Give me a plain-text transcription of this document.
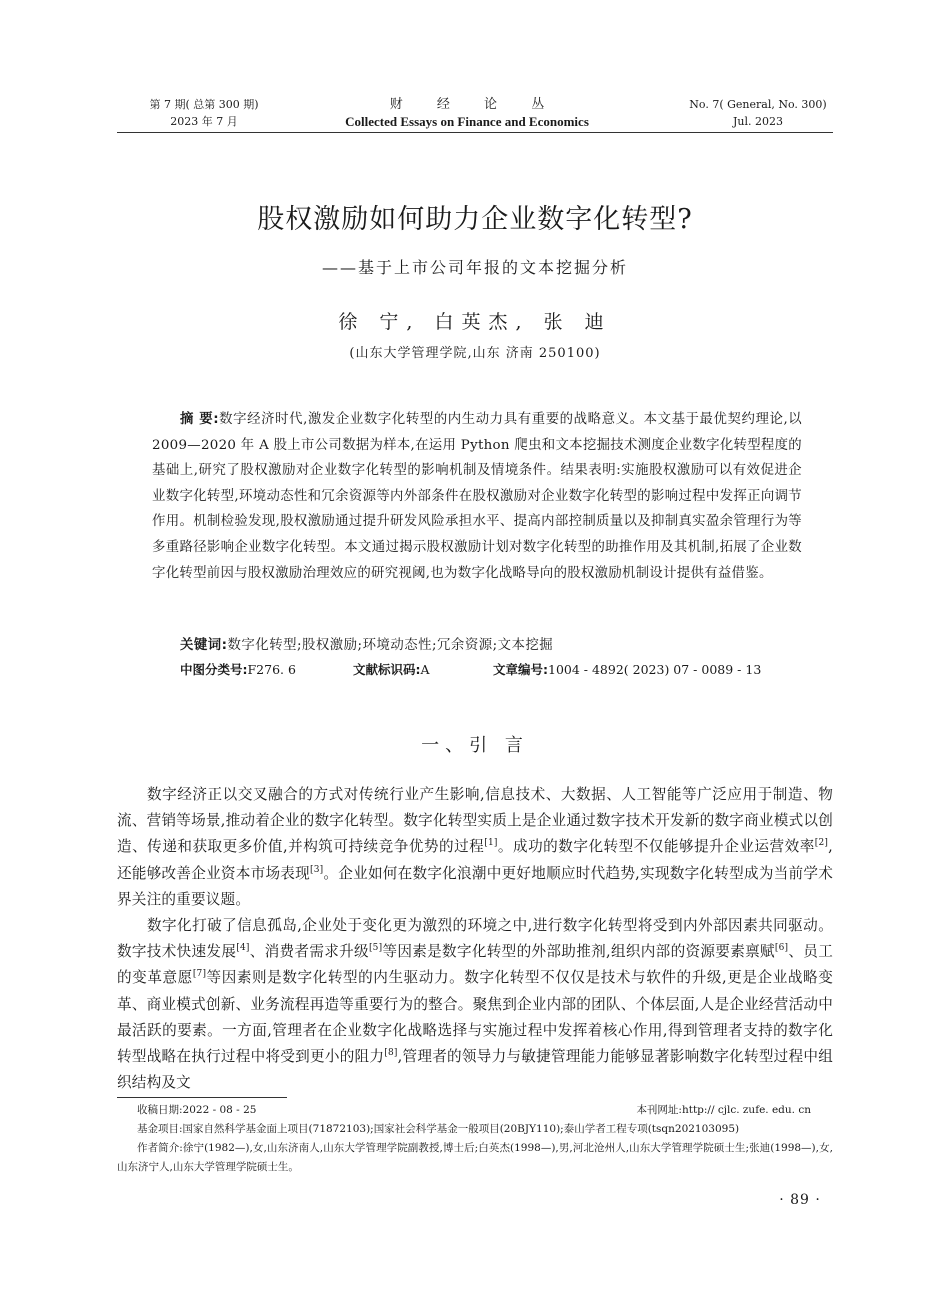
第 7 期( 总第 300 期)
2023 年 7 月
财 经 论 丛
Collected Essays on Finance and Economics
No. 7( General, No. 300)
Jul. 2023
股权激励如何助力企业数字化转型?
——基于上市公司年报的文本挖掘分析
徐 宁, 白英杰, 张 迪
(山东大学管理学院,山东 济南 250100)

摘 要:数字经济时代,激发企业数字化转型的内生动力具有重要的战略意义。本文基于最优契约理论,以 2009—2020 年 A 股上市公司数据为样本,在运用 Python 爬虫和文本挖掘技术测度企业数字化转型程度的基础上,研究了股权激励对企业数字化转型的影响机制及情境条件。结果表明:实施股权激励可以有效促进企业数字化转型,环境动态性和冗余资源等内外部条件在股权激励对企业数字化转型的影响过程中发挥正向调节作用。机制检验发现,股权激励通过提升研发风险承担水平、提高内部控制质量以及抑制真实盈余管理行为等多重路径影响企业数字化转型。本文通过揭示股权激励计划对数字化转型的助推作用及其机制,拓展了企业数字化转型前因与股权激励治理效应的研究视阈,也为数字化战略导向的股权激励机制设计提供有益借鉴。

关键词:数字化转型;股权激励;环境动态性;冗余资源;文本挖掘
中图分类号:F276. 6	文献标识码:A	文章编号:1004 - 4892( 2023) 07 - 0089 - 13
一、引 言

数字经济正以交叉融合的方式对传统行业产生影响,信息技术、大数据、人工智能等广泛应用于制造、物流、营销等场景,推动着企业的数字化转型。数字化转型实质上是企业通过数字技术开发新的数字商业模式以创造、传递和获取更多价值,并构筑可持续竞争优势的过程[1]。成功的数字化转型不仅能够提升企业运营效率[2],还能够改善企业资本市场表现[3]。企业如何在数字化浪潮中更好地顺应时代趋势,实现数字化转型成为当前学术界关注的重要议题。

数字化打破了信息孤岛,企业处于变化更为激烈的环境之中,进行数字化转型将受到内外部因素共同驱动。数字技术快速发展[4]、消费者需求升级[5]等因素是数字化转型的外部助推剂,组织内部的资源要素禀赋[6]、员工的变革意愿[7]等因素则是数字化转型的内生驱动力。数字化转型不仅仅是技术与软件的升级,更是企业战略变革、商业模式创新、业务流程再造等重要行为的整合。聚焦到企业内部的团队、个体层面,人是企业经营活动中最活跃的要素。一方面,管理者在企业数字化战略选择与实施过程中发挥着核心作用,得到管理者支持的数字化转型战略在执行过程中将受到更小的阻力[8],管理者的领导力与敏捷管理能力能够显著影响数字化转型过程中组织结构及文

收稿日期:2022 - 08 - 25	本刊网址:http:// cjlc. zufe. edu. cn

基金项目:国家自然科学基金面上项目(71872103);国家社会科学基金一般项目(20BJY110);泰山学者工程专项(tsqn202103095)

作者简介:徐宁(1982—),女,山东济南人,山东大学管理学院副教授,博士后;白英杰(1998—),男,河北沧州人,山东大学管理学院硕士生;张迪(1998—),女,山东济宁人,山东大学管理学院硕士生。

· 89 ·
